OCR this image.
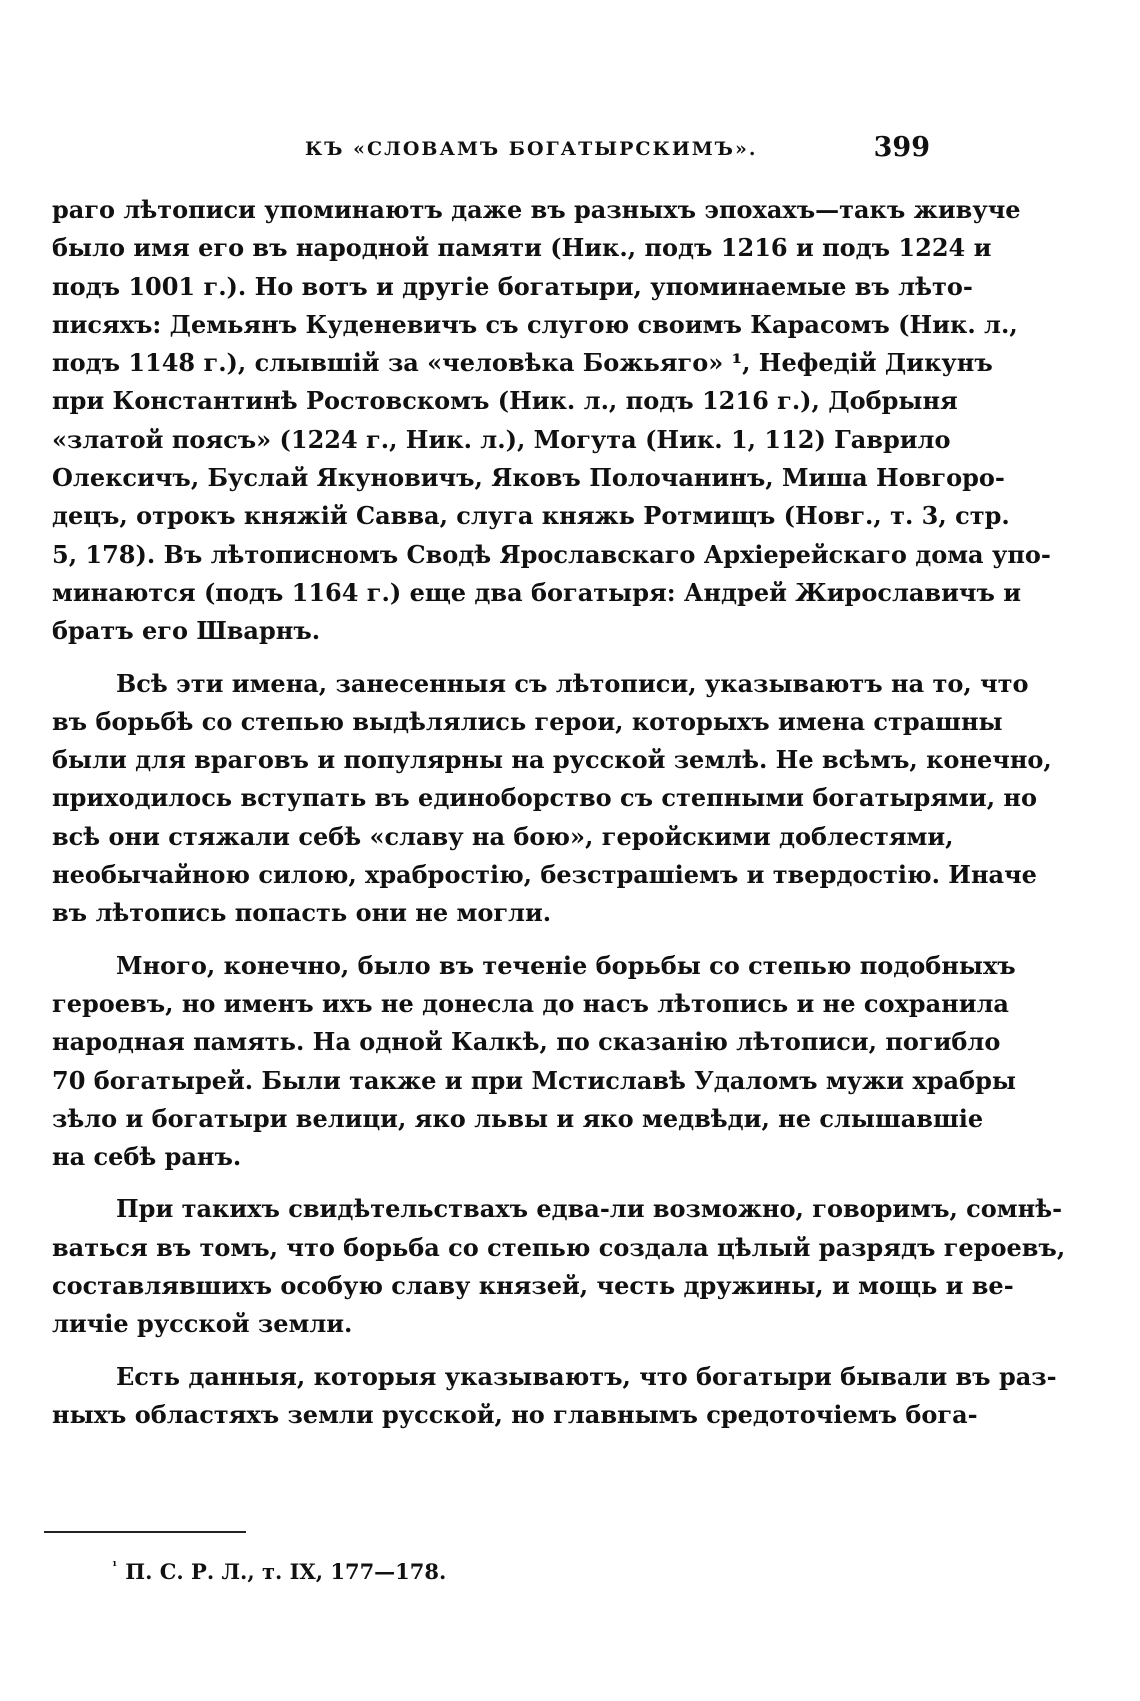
КЪ «СЛОВАМЪ БОГАТЫРСКИМЪ».	399
раго лѣтописи упоминаютъ даже въ разныхъ эпохахъ—такъ живуче
было имя его въ народной памяти (Ник., подъ 1216 и подъ 1224 и
подъ 1001 г.). Но вотъ и другіе богатыри, упоминаемые въ лѣто-
писяхъ: Демьянъ Куденевичъ съ слугою своимъ Карасомъ (Ник. л.,
подъ 1148 г.), слывшій за «человѣка Божьяго» ¹, Нефедій Дикунъ
при Константинѣ Ростовскомъ (Ник. л., подъ 1216 г.), Добрыня
«златой поясъ» (1224 г., Ник. л.), Могута (Ник. 1, 112) Гаврило
Олексичъ, Буслай Якуновичъ, Яковъ Полочанинъ, Миша Новгоро-
децъ, отрокъ княжій Савва, слуга княжь Ротмищъ (Новг., т. 3, стр.
5, 178). Въ лѣтописномъ Сводѣ Ярославскаго Архіерейскаго дома упо-
минаются (подъ 1164 г.) еще два богатыря: Андрей Жирославичъ и
братъ его Шварнъ.
Всѣ эти имена, занесенныя съ лѣтописи, указываютъ на то, что
въ борьбѣ со степью выдѣлялись герои, которыхъ имена страшны
были для враговъ и популярны на русской землѣ. Не всѣмъ, конечно,
приходилось вступать въ единоборство съ степными богатырями, но
всѣ они стяжали себѣ «славу на бою», геройскими доблестями,
необычайною силою, храбростію, безстрашіемъ и твердостію. Иначе
въ лѣтопись попасть они не могли.
Много, конечно, было въ теченіе борьбы со степью подобныхъ
героевъ, но именъ ихъ не донесла до насъ лѣтопись и не сохранила
народная память. На одной Калкѣ, по сказанію лѣтописи, погибло
70 богатырей. Были также и при Мстиславѣ Удаломъ мужи храбры
зѣло и богатыри велици, яко львы и яко медвѣди, не слышавшіе
на себѣ ранъ.
При такихъ свидѣтельствахъ едва-ли возможно, говоримъ, сомнѣ-
ваться въ томъ, что борьба со степью создала цѣлый разрядъ героевъ,
составлявшихъ особую славу князей, честь дружины, и мощь и ве-
личіе русской земли.
Есть данныя, которыя указываютъ, что богатыри бывали въ раз-
ныхъ областяхъ земли русской, но главнымъ средоточіемъ бога-
$^{^1}$ П. С. Р. Л., т. IX, 177—178.
